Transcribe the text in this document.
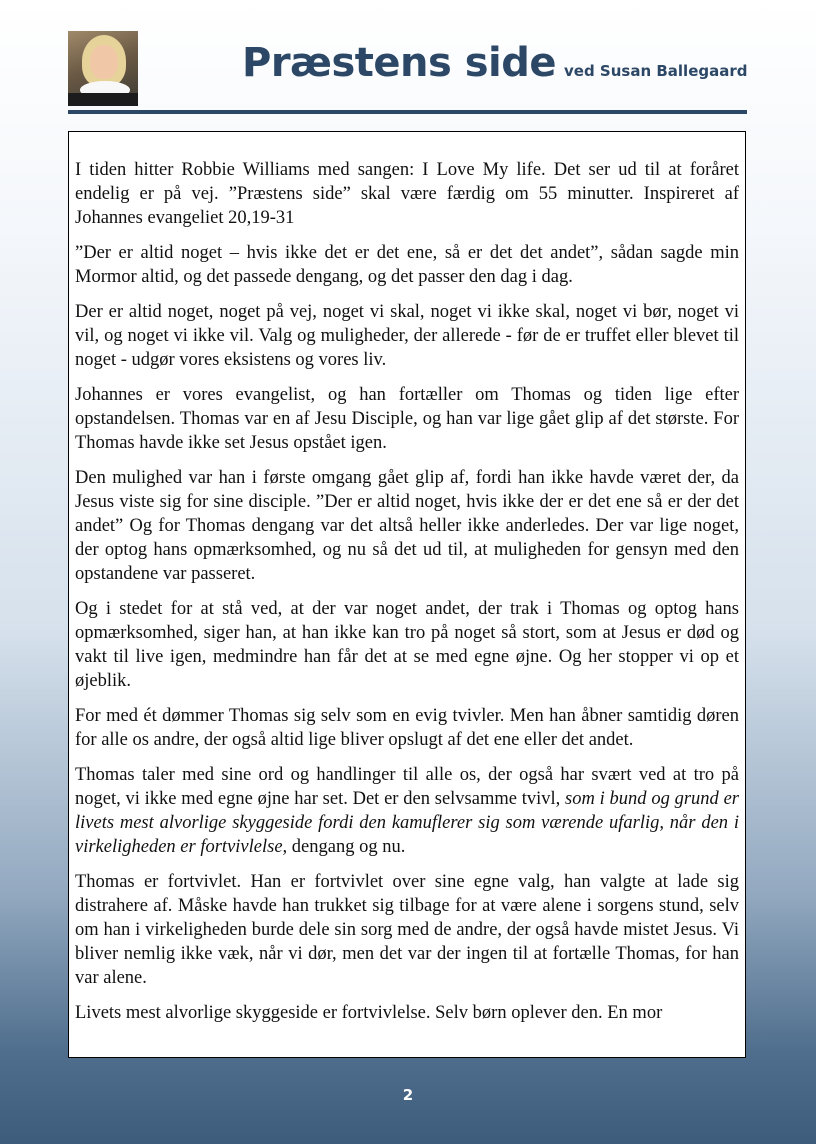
Præstens side ved Susan Ballegaard

I tiden hitter Robbie Williams med sangen: I Love My life. Det ser ud til at foråret endelig er på vej. ”Præstens side” skal være færdig om 55 minutter. Inspireret af Johannes evangeliet 20,19-31

”Der er altid noget – hvis ikke det er det ene, så er det det andet”, sådan sagde min Mormor altid, og det passede dengang, og det passer den dag i dag.

Der er altid noget, noget på vej, noget vi skal, noget vi ikke skal, noget vi bør, noget vi vil, og noget vi ikke vil. Valg og muligheder, der allerede - før de er truffet eller blevet til noget - udgør vores eksistens og vores liv.

Johannes er vores evangelist, og han fortæller om Thomas og tiden lige efter opstandelsen. Thomas var en af Jesu Disciple, og han var lige gået glip af det største. For Thomas havde ikke set Jesus opstået igen.

Den mulighed var han i første omgang gået glip af, fordi han ikke havde været der, da Jesus viste sig for sine disciple. ”Der er altid noget, hvis ikke der er det ene så er der det andet” Og for Thomas dengang var det altså heller ikke anderledes. Der var lige noget, der optog hans opmærksomhed, og nu så det ud til, at muligheden for gensyn med den opstandene var passeret.

Og i stedet for at stå ved, at der var noget andet, der trak i Thomas og optog hans opmærksomhed, siger han, at han ikke kan tro på noget så stort, som at Jesus er død og vakt til live igen, medmindre han får det at se med egne øjne. Og her stopper vi op et øjeblik.

For med ét dømmer Thomas sig selv som en evig tvivler. Men han åbner samtidig døren for alle os andre, der også altid lige bliver opslugt af det ene eller det andet.

Thomas taler med sine ord og handlinger til alle os, der også har svært ved at tro på noget, vi ikke med egne øjne har set. Det er den selvsamme tvivl, som i bund og grund er livets mest alvorlige skyggeside fordi den kamuflerer sig som værende ufarlig, når den i virkeligheden er fortvivlelse, dengang og nu.

Thomas er fortvivlet. Han er fortvivlet over sine egne valg, han valgte at lade sig distrahere af. Måske havde han trukket sig tilbage for at være alene i sorgens stund, selv om han i virkeligheden burde dele sin sorg med de andre, der også havde mistet Jesus. Vi bliver nemlig ikke væk, når vi dør, men det var der ingen til at fortælle Thomas, for han var alene.

Livets mest alvorlige skyggeside er fortvivlelse. Selv børn oplever den. En mor

2
